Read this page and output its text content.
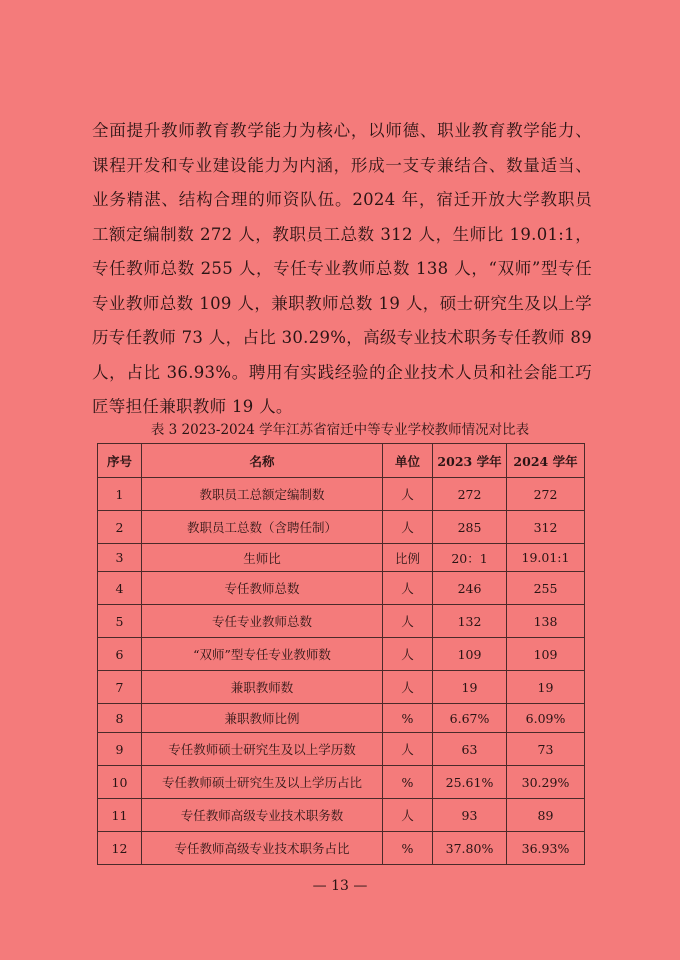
全面提升教师教育教学能力为核心，以师德、职业教育教学能力、课程开发和专业建设能力为内涵，形成一支专兼结合、数量适当、业务精湛、结构合理的师资队伍。2024 年，宿迁开放大学教职员工额定编制数 272 人，教职员工总数 312 人，生师比 19.01:1，专任教师总数 255 人，专任专业教师总数 138 人，“双师”型专任专业教师总数 109 人，兼职教师总数 19 人，硕士研究生及以上学历专任教师 73 人，占比 30.29%，高级专业技术职务专任教师 89 人，占比 36.93%。聘用有实践经验的企业技术人员和社会能工巧匠等担任兼职教师 19 人。

表 3 2023-2024 学年江苏省宿迁中等专业学校教师情况对比表
序号	名称	单位	2023 学年	2024 学年
1	教职员工总额定编制数	人	272	272
2	教职员工总数（含聘任制）	人	285	312
3	生师比	比例	20：1	19.01:1
4	专任教师总数	人	246	255
5	专任专业教师总数	人	132	138
6	“双师”型专任专业教师数	人	109	109
7	兼职教师数	人	19	19
8	兼职教师比例	%	6.67%	6.09%
9	专任教师硕士研究生及以上学历数	人	63	73
10	专任教师硕士研究生及以上学历占比	%	25.61%	30.29%
11	专任教师高级专业技术职务数	人	93	89
12	专任教师高级专业技术职务占比	%	37.80%	36.93%
— 13 —
